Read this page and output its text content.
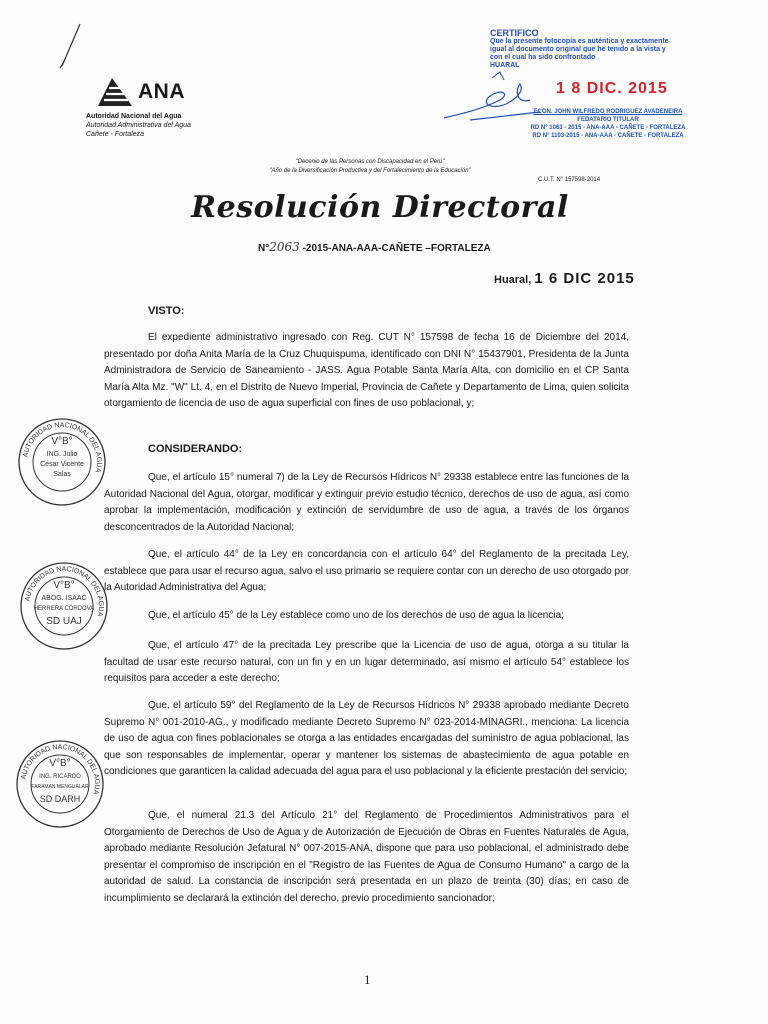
ANA
Autoridad Nacional del Agua
Autoridad Administrativa del Agua
Cañete - Fortaleza
CERTIFICO
Que la presente fotocopia es auténtica y exactamente
igual al documento original que he tenido a la vista y
con el cual ha sido confrontado
HUARAL
1 8 DIC. 2015
ECON. JOHN WILFREDO RODRIGUEZ AVADENEIRA
FEDATARIO TITULAR
RD N° 1063 - 2015 - ANA-AAA - CAÑETE - FORTALEZA
RD N° 1103-2015 - ANA-AAA - CAÑETE - FORTALEZA
"Decenio de las Personas con Discapacidad en el Perú"
"Año de la Diversificación Productiva y del Fortalecimiento de la Educación"
C.U.T. N° 157598-2014
Resolución Directoral
N°2063 -2015-ANA-AAA-CAÑETE –FORTALEZA
Huaral, 1 6 DIC 2015
VISTO:
El expediente administrativo ingresado con Reg. CUT N° 157598 de fecha 16 de Diciembre del 2014, presentado por doña Anita María de la Cruz Chuquispuma, identificado con DNI N° 15437901, Presidenta de la Junta Administradora de Servicio de Saneamiento - JASS. Agua Potable Santa María Alta, con domicilio en el CP Santa María Alta Mz. "W" Lt. 4, en el Distrito de Nuevo Imperial, Provincia de Cañete y Departamento de Lima, quien solicita otorgamiento de licencia de uso de agua superficial con fines de uso poblacional, y;
CONSIDERANDO:
Que, el artículo 15° numeral 7) de la Ley de Recursos Hídricos N° 29338 establece entre las funciones de la Autoridad Nacional del Agua, otorgar, modificar y extinguir previo estudio técnico, derechos de uso de agua, así como aprobar la implementación, modificación y extinción de servidumbre de uso de agua, a través de los órganos desconcentrados de la Autoridad Nacional;
Que, el artículo 44° de la Ley en concordancia con el artículo 64° del Reglamento de la precitada Ley, establece que para usar el recurso agua, salvo el uso primario se requiere contar con un derecho de uso otorgado por la Autoridad Administrativa del Agua;
Que, el artículo 45° de la Ley establece como uno de los derechos de uso de agua la licencia;
Que, el artículo 47° de la precitada Ley prescribe que la Licencia de uso de agua, otorga a su titular la facultad de usar este recurso natural, con un fin y en un lugar determinado, así mismo el artículo 54° establece los requisitos para acceder a este derecho;
Que, el artículo 59° del Reglamento de la Ley de Recursos Hídricos N° 29338 aprobado mediante Decreto Supremo N° 001-2010-AG., y modificado mediante Decreto Supremo N° 023-2014-MINAGRI., menciona: La licencia de uso de agua con fines poblacionales se otorga a las entidades encargadas del suministro de agua poblacional, las que son responsables de implementar, operar y mantener los sistemas de abastecimiento de agua potable en condiciones que garanticen la calidad adecuada del agua para el uso poblacional y la eficiente prestación del servicio;
Que, el numeral 21.3 del Artículo 21° del Reglamento de Procedimientos Administrativos para el Otorgamiento de Derechos de Uso de Agua y de Autorización de Ejecución de Obras en Fuentes Naturales de Agua, aprobado mediante Resolución Jefatural N° 007-2015-ANA, dispone que para uso poblacional, el administrado debe presentar el compromiso de inscripción en el "Registro de las Fuentes de Agua de Consumo Humano" a cargo de la autoridad de salud. La constancia de inscripción será presentada en un plazo de treinta (30) días; en caso de incumplimiento se declarará la extinción del derecho, previo procedimiento sancionador;
AUTORIDAD NACIONAL DEL AGUA
V°B°
ING. Julio
César Vicente
Salas
AUTORIDAD NACIONAL DEL AGUA
V°B°
ABOG. ISAAC
HERRERA CÓRDOVA
SD UAJ
AUTORIDAD NACIONAL DEL AGUA
V°B°
ING. RICARDO
FARAMAN MENGUALAR
SD DARH
1
